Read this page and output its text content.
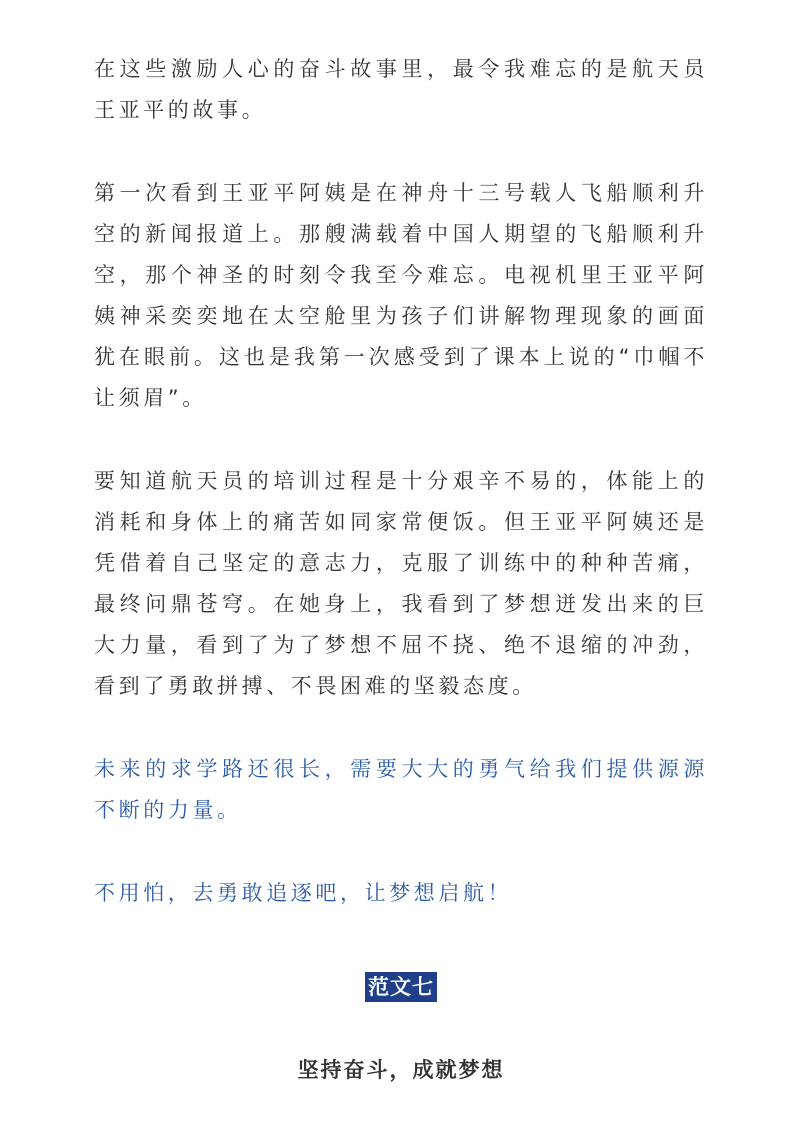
在这些激励人心的奋斗故事里，最令我难忘的是航天员王亚平的故事。

第一次看到王亚平阿姨是在神舟十三号载人飞船顺利升空的新闻报道上。那艘满载着中国人期望的飞船顺利升空，那个神圣的时刻令我至今难忘。电视机里王亚平阿姨神采奕奕地在太空舱里为孩子们讲解物理现象的画面犹在眼前。这也是我第一次感受到了课本上说的“巾帼不让须眉”。

要知道航天员的培训过程是十分艰辛不易的，体能上的消耗和身体上的痛苦如同家常便饭。但王亚平阿姨还是凭借着自己坚定的意志力，克服了训练中的种种苦痛，最终问鼎苍穹。在她身上，我看到了梦想迸发出来的巨大力量，看到了为了梦想不屈不挠、绝不退缩的冲劲，看到了勇敢拼搏、不畏困难的坚毅态度。

未来的求学路还很长，需要大大的勇气给我们提供源源不断的力量。

不用怕，去勇敢追逐吧，让梦想启航！

范文七
坚持奋斗，成就梦想
